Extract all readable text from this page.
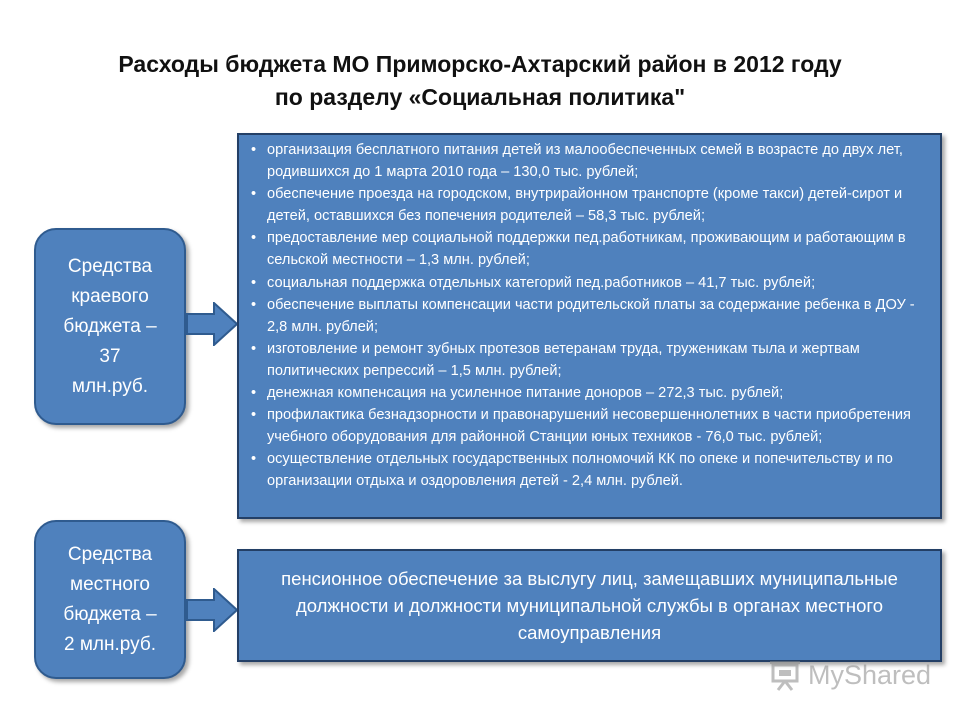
Расходы бюджета МО Приморско-Ахтарский район в 2012 году
по разделу «Социальная политика"
Средства
краевого
бюджета –
37
млн.руб.
• организация бесплатного питания детей из малообеспеченных семей в возрасте до двух лет, родившихся до 1 марта 2010 года – 130,0 тыс. рублей;
• обеспечение проезда на городском, внутрирайонном транспорте (кроме такси) детей-сирот и детей, оставшихся без попечения родителей – 58,3 тыс. рублей;
• предоставление мер социальной поддержки пед.работникам, проживающим и работающим в сельской местности – 1,3 млн. рублей;
• социальная поддержка отдельных категорий пед.работников – 41,7 тыс. рублей;
• обеспечение выплаты компенсации части родительской платы за содержание ребенка в ДОУ - 2,8 млн. рублей;
• изготовление и ремонт зубных протезов ветеранам труда, труженикам тыла и жертвам политических репрессий – 1,5 млн. рублей;
• денежная компенсация на усиленное питание доноров – 272,3 тыс. рублей;
• профилактика безнадзорности и правонарушений несовершеннолетних в части приобретения учебного оборудования для районной Станции юных техников - 76,0 тыс. рублей;
• осуществление отдельных государственных полномочий КК по опеке и попечительству и по организации отдыха и оздоровления детей - 2,4 млн. рублей.
Средства
местного
бюджета –
2 млн.руб.
пенсионное обеспечение за выслугу лиц, замещавших муниципальные должности и должности муниципальной службы в органах местного самоуправления
MyShared
